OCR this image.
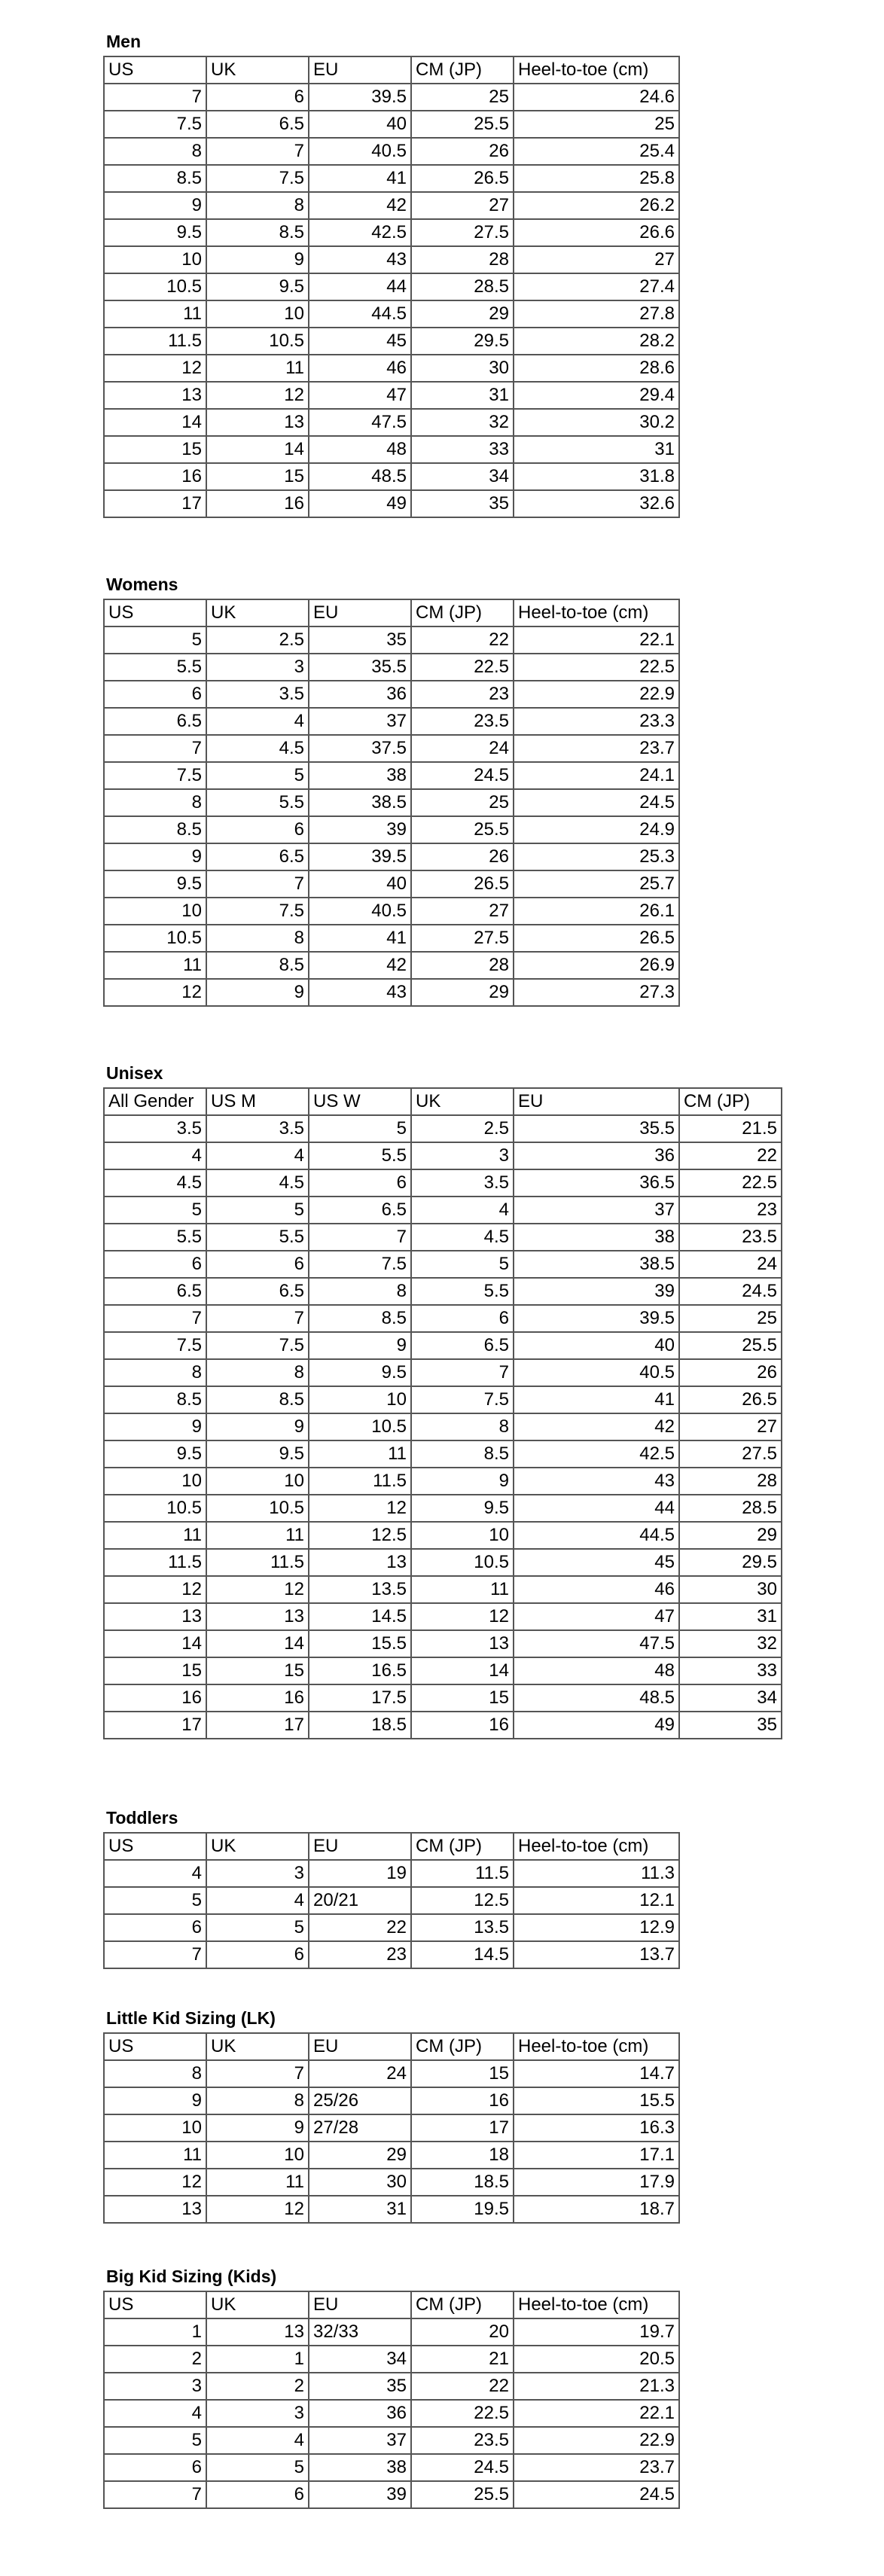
Men
US	UK	EU	CM (JP)	Heel-to-toe (cm)
7	6	39.5	25	24.6
7.5	6.5	40	25.5	25
8	7	40.5	26	25.4
8.5	7.5	41	26.5	25.8
9	8	42	27	26.2
9.5	8.5	42.5	27.5	26.6
10	9	43	28	27
10.5	9.5	44	28.5	27.4
11	10	44.5	29	27.8
11.5	10.5	45	29.5	28.2
12	11	46	30	28.6
13	12	47	31	29.4
14	13	47.5	32	30.2
15	14	48	33	31
16	15	48.5	34	31.8
17	16	49	35	32.6
Womens
US	UK	EU	CM (JP)	Heel-to-toe (cm)
5	2.5	35	22	22.1
5.5	3	35.5	22.5	22.5
6	3.5	36	23	22.9
6.5	4	37	23.5	23.3
7	4.5	37.5	24	23.7
7.5	5	38	24.5	24.1
8	5.5	38.5	25	24.5
8.5	6	39	25.5	24.9
9	6.5	39.5	26	25.3
9.5	7	40	26.5	25.7
10	7.5	40.5	27	26.1
10.5	8	41	27.5	26.5
11	8.5	42	28	26.9
12	9	43	29	27.3
Unisex
All Gender	US M	US W	UK	EU	CM (JP)
3.5	3.5	5	2.5	35.5	21.5
4	4	5.5	3	36	22
4.5	4.5	6	3.5	36.5	22.5
5	5	6.5	4	37	23
5.5	5.5	7	4.5	38	23.5
6	6	7.5	5	38.5	24
6.5	6.5	8	5.5	39	24.5
7	7	8.5	6	39.5	25
7.5	7.5	9	6.5	40	25.5
8	8	9.5	7	40.5	26
8.5	8.5	10	7.5	41	26.5
9	9	10.5	8	42	27
9.5	9.5	11	8.5	42.5	27.5
10	10	11.5	9	43	28
10.5	10.5	12	9.5	44	28.5
11	11	12.5	10	44.5	29
11.5	11.5	13	10.5	45	29.5
12	12	13.5	11	46	30
13	13	14.5	12	47	31
14	14	15.5	13	47.5	32
15	15	16.5	14	48	33
16	16	17.5	15	48.5	34
17	17	18.5	16	49	35
Toddlers
US	UK	EU	CM (JP)	Heel-to-toe (cm)
4	3	19	11.5	11.3
5	4	20/21	12.5	12.1
6	5	22	13.5	12.9
7	6	23	14.5	13.7
Little Kid Sizing (LK)
US	UK	EU	CM (JP)	Heel-to-toe (cm)
8	7	24	15	14.7
9	8	25/26	16	15.5
10	9	27/28	17	16.3
11	10	29	18	17.1
12	11	30	18.5	17.9
13	12	31	19.5	18.7
Big Kid Sizing (Kids)
US	UK	EU	CM (JP)	Heel-to-toe (cm)
1	13	32/33	20	19.7
2	1	34	21	20.5
3	2	35	22	21.3
4	3	36	22.5	22.1
5	4	37	23.5	22.9
6	5	38	24.5	23.7
7	6	39	25.5	24.5
